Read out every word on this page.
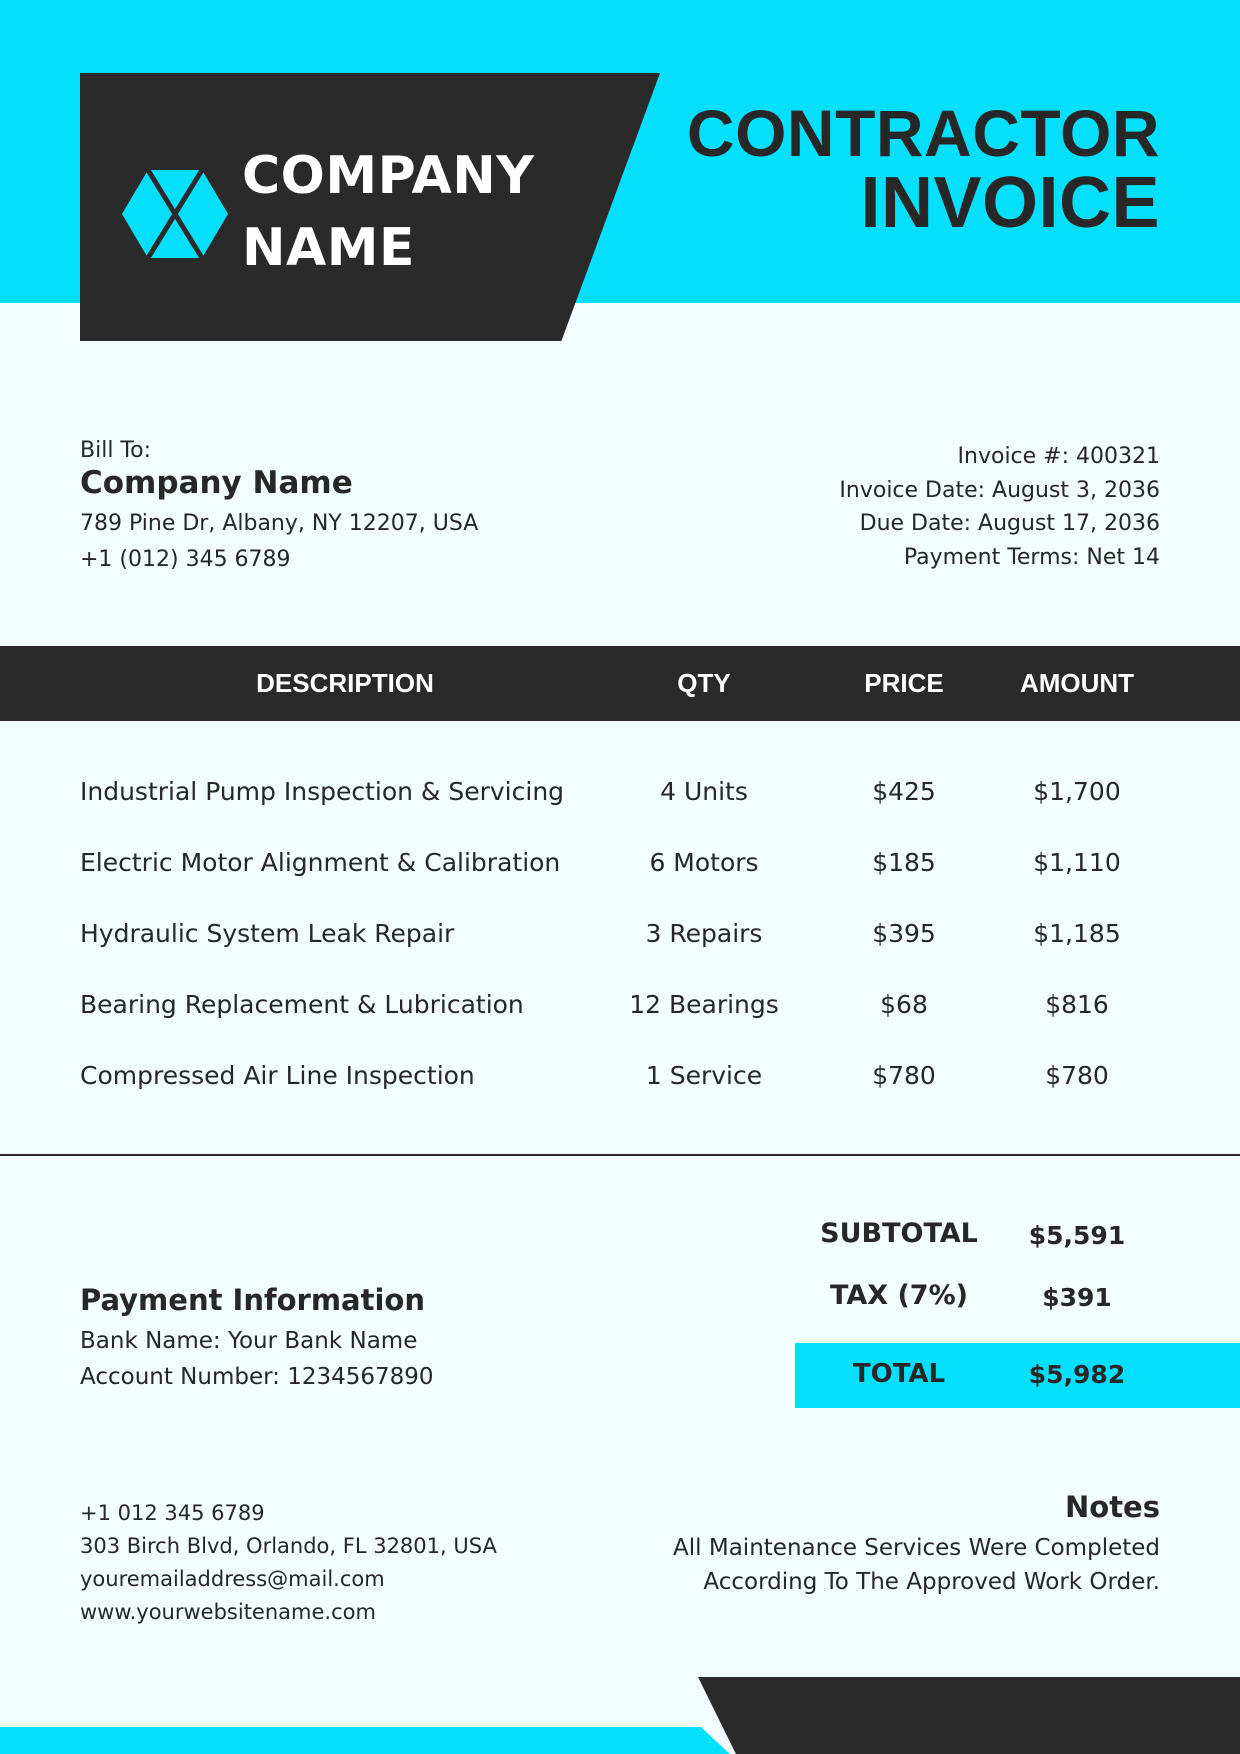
COMPANY
NAME
CONTRACTOR
INVOICE
Bill To:
Company Name
789 Pine Dr, Albany, NY 12207, USA
+1 (012) 345 6789
Invoice #: 400321
Invoice Date: August 3, 2036
Due Date: August 17, 2036
Payment Terms: Net 14
DESCRIPTION	QTY	PRICE	AMOUNT
Industrial Pump Inspection & Servicing	4 Units	$425	$1,700
Electric Motor Alignment & Calibration	6 Motors	$185	$1,110
Hydraulic System Leak Repair	3 Repairs	$395	$1,185
Bearing Replacement & Lubrication	12 Bearings	$68	$816
Compressed Air Line Inspection	1 Service	$780	$780
SUBTOTAL	$5,591
TAX (7%)	$391
TOTAL	$5,982
Payment Information
Bank Name: Your Bank Name
Account Number: 1234567890
+1 012 345 6789
303 Birch Blvd, Orlando, FL 32801, USA
youremailaddress@mail.com
www.yourwebsitename.com
Notes
All Maintenance Services Were Completed
According To The Approved Work Order.
